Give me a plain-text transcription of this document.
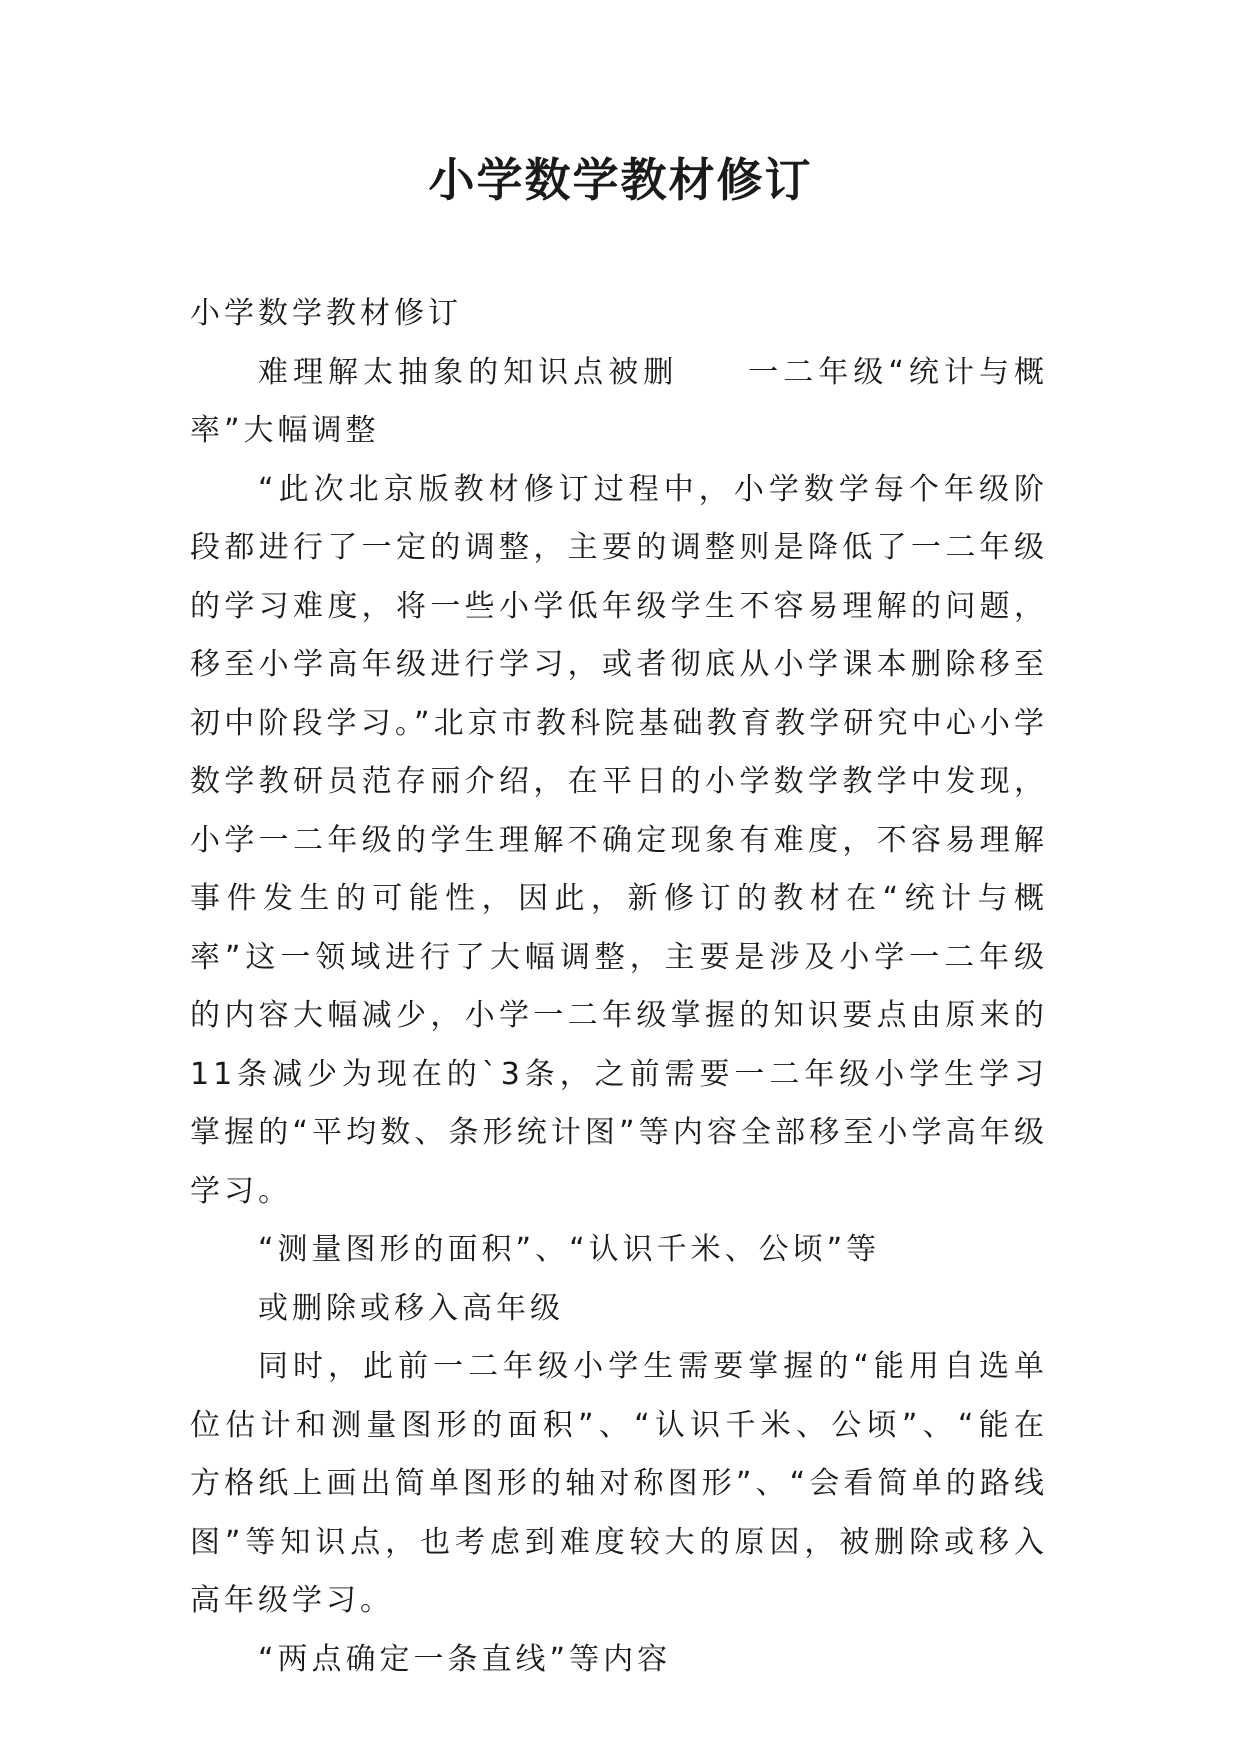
小学数学教材修订

小学数学教材修订

难理解太抽象的知识点被删　　一二年级“统计与概率”大幅调整

“此次北京版教材修订过程中，小学数学每个年级阶段都进行了一定的调整，主要的调整则是降低了一二年级的学习难度，将一些小学低年级学生不容易理解的问题，移至小学高年级进行学习，或者彻底从小学课本删除移至初中阶段学习。”北京市教科院基础教育教学研究中心小学数学教研员范存丽介绍，在平日的小学数学教学中发现，小学一二年级的学生理解不确定现象有难度，不容易理解事件发生的可能性，因此，新修订的教材在“统计与概率”这一领域进行了大幅调整，主要是涉及小学一二年级的内容大幅减少，小学一二年级掌握的知识要点由原来的11条减少为现在的`3条，之前需要一二年级小学生学习掌握的“平均数、条形统计图”等内容全部移至小学高年级学习。

“测量图形的面积”、“认识千米、公顷”等

或删除或移入高年级

同时，此前一二年级小学生需要掌握的“能用自选单位估计和测量图形的面积”、“认识千米、公顷”、“能在方格纸上画出简单图形的轴对称图形”、“会看简单的路线图”等知识点，也考虑到难度较大的原因，被删除或移入高年级学习。

“两点确定一条直线”等内容
